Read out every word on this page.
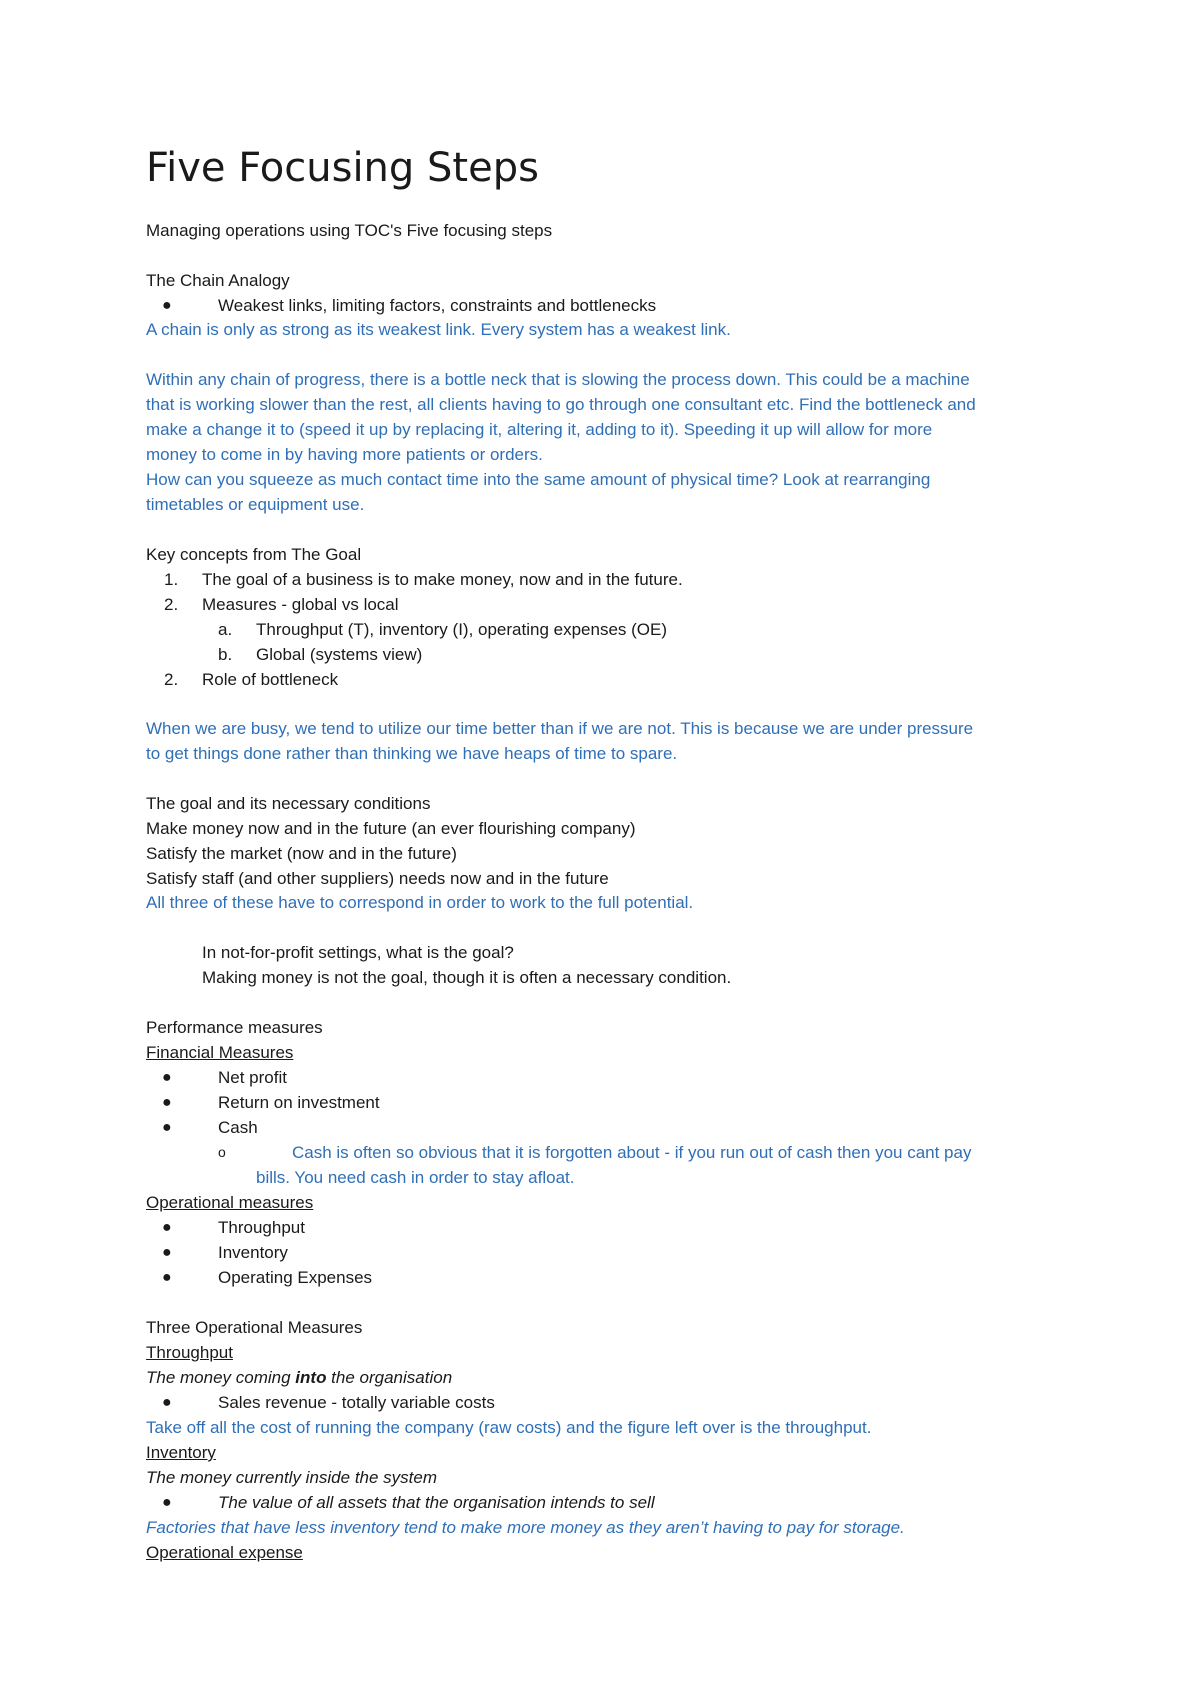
Five Focusing Steps
Managing operations using TOC's Five focusing steps
The Chain Analogy
●	Weakest links, limiting factors, constraints and bottlenecks
A chain is only as strong as its weakest link. Every system has a weakest link.
Within any chain of progress, there is a bottle neck that is slowing the process down. This could be a machine
that is working slower than the rest, all clients having to go through one consultant etc. Find the bottleneck and
make a change it to (speed it up by replacing it, altering it, adding to it). Speeding it up will allow for more
money to come in by having more patients or orders.
How can you squeeze as much contact time into the same amount of physical time? Look at rearranging
timetables or equipment use.
Key concepts from The Goal
1. The goal of a business is to make money, now and in the future.
2. Measures - global vs local
a. Throughput (T), inventory (I), operating expenses (OE)
b. Global (systems view)
2. Role of bottleneck
When we are busy, we tend to utilize our time better than if we are not. This is because we are under pressure
to get things done rather than thinking we have heaps of time to spare.
The goal and its necessary conditions
Make money now and in the future (an ever flourishing company)
Satisfy the market (now and in the future)
Satisfy staff (and other suppliers) needs now and in the future
All three of these have to correspond in order to work to the full potential.
In not-for-profit settings, what is the goal?
Making money is not the goal, though it is often a necessary condition.
Performance measures
Financial Measures
●	Net profit
●	Return on investment
●	Cash
o	Cash is often so obvious that it is forgotten about - if you run out of cash then you cant pay
bills. You need cash in order to stay afloat.
Operational measures
●	Throughput
●	Inventory
●	Operating Expenses
Three Operational Measures
Throughput
The money coming into the organisation
●	Sales revenue - totally variable costs
Take off all the cost of running the company (raw costs) and the figure left over is the throughput.
Inventory
The money currently inside the system
●	The value of all assets that the organisation intends to sell
Factories that have less inventory tend to make more money as they aren’t having to pay for storage.
Operational expense
